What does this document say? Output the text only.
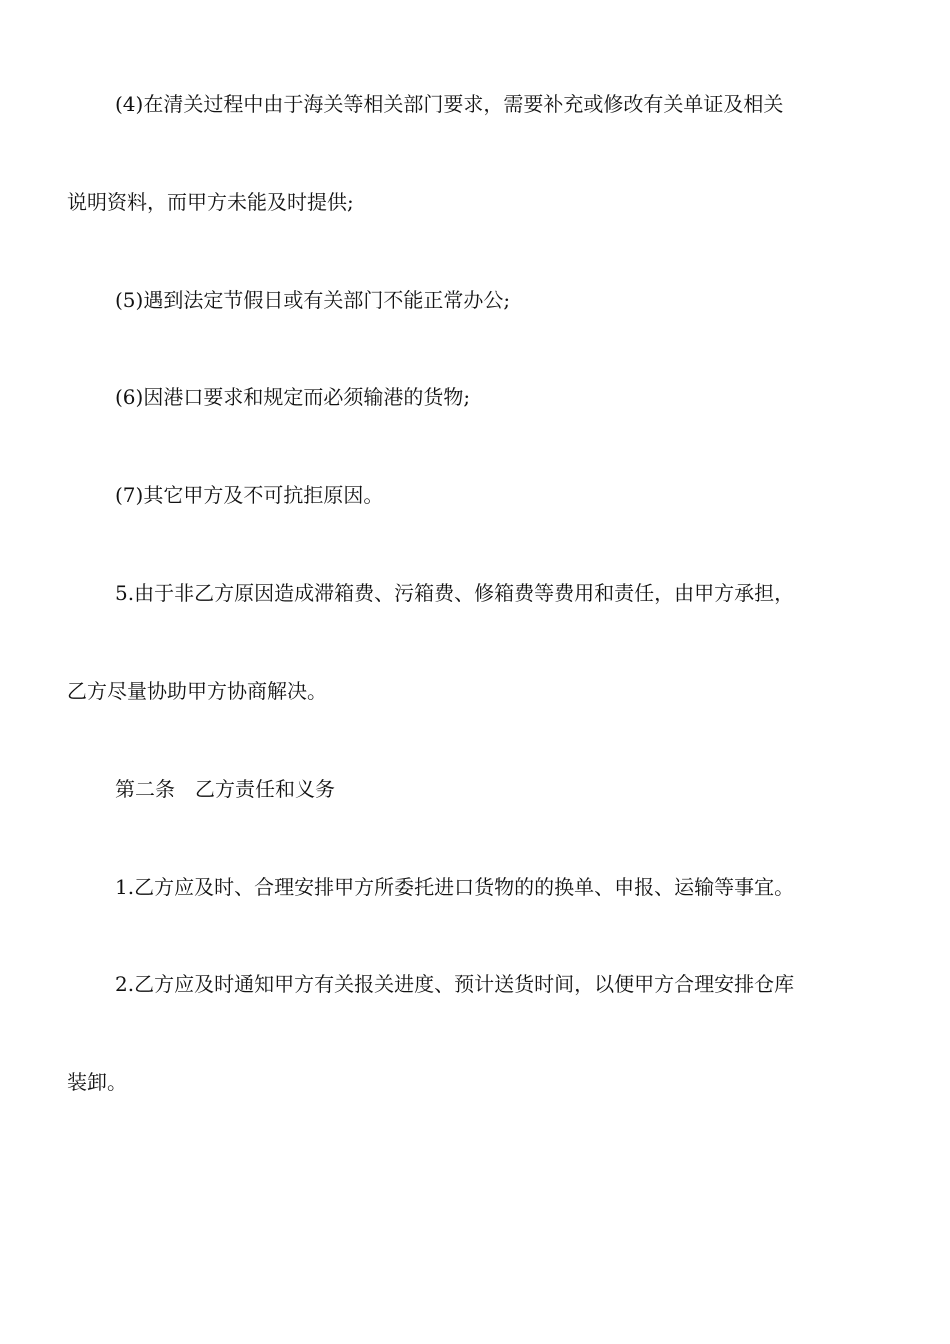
(4)在清关过程中由于海关等相关部门要求，需要补充或修改有关单证及相关
说明资料，而甲方未能及时提供;
(5)遇到法定节假日或有关部门不能正常办公;
(6)因港口要求和规定而必须输港的货物;
(7)其它甲方及不可抗拒原因。
5.由于非乙方原因造成滞箱费、污箱费、修箱费等费用和责任，由甲方承担，
乙方尽量协助甲方协商解决。
第二条　乙方责任和义务
1.乙方应及时、合理安排甲方所委托进口货物的的换单、申报、运输等事宜。
2.乙方应及时通知甲方有关报关进度、预计送货时间，以便甲方合理安排仓库
装卸。
